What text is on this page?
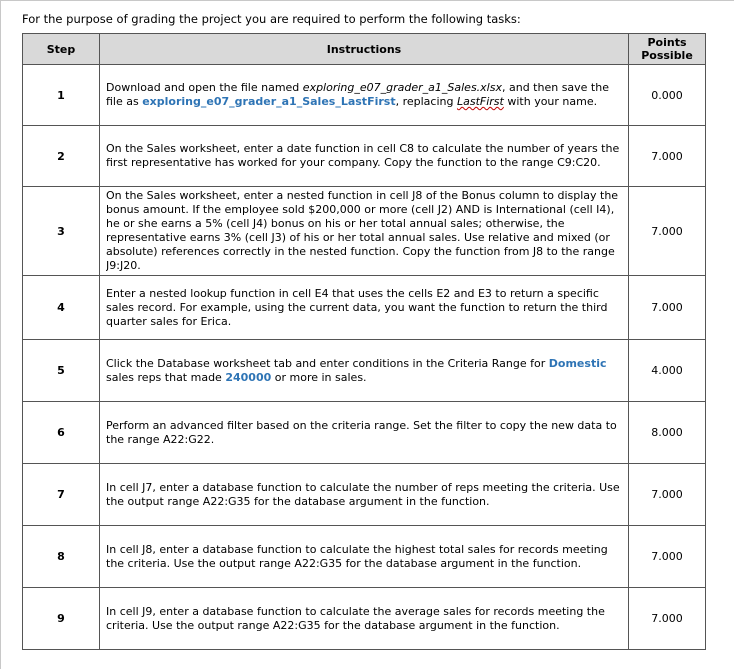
For the purpose of grading the project you are required to perform the following tasks:
Step	Instructions	Points
Possible
1	Download and open the file named exploring_e07_grader_a1_Sales.xlsx, and then save the file as exploring_e07_grader_a1_Sales_LastFirst, replacing LastFirst with your name.	0.000
2	On the Sales worksheet, enter a date function in cell C8 to calculate the number of years the first representative has worked for your company. Copy the function to the range C9:C20.	7.000
3	On the Sales worksheet, enter a nested function in cell J8 of the Bonus column to display the bonus amount. If the employee sold $200,000 or more (cell J2) AND is International (cell I4), he or she earns a 5% (cell J4) bonus on his or her total annual sales; otherwise, the representative earns 3% (cell J3) of his or her total annual sales. Use relative and mixed (or absolute) references correctly in the nested function. Copy the function from J8 to the range J9:J20.	7.000
4	Enter a nested lookup function in cell E4 that uses the cells E2 and E3 to return a specific sales record. For example, using the current data, you want the function to return the third quarter sales for Erica.	7.000
5	Click the Database worksheet tab and enter conditions in the Criteria Range for Domestic sales reps that made 240000 or more in sales.	4.000
6	Perform an advanced filter based on the criteria range. Set the filter to copy the new data to the range A22:G22.	8.000
7	In cell J7, enter a database function to calculate the number of reps meeting the criteria. Use the output range A22:G35 for the database argument in the function.	7.000
8	In cell J8, enter a database function to calculate the highest total sales for records meeting the criteria. Use the output range A22:G35 for the database argument in the function.	7.000
9	In cell J9, enter a database function to calculate the average sales for records meeting the criteria. Use the output range A22:G35 for the database argument in the function.	7.000
